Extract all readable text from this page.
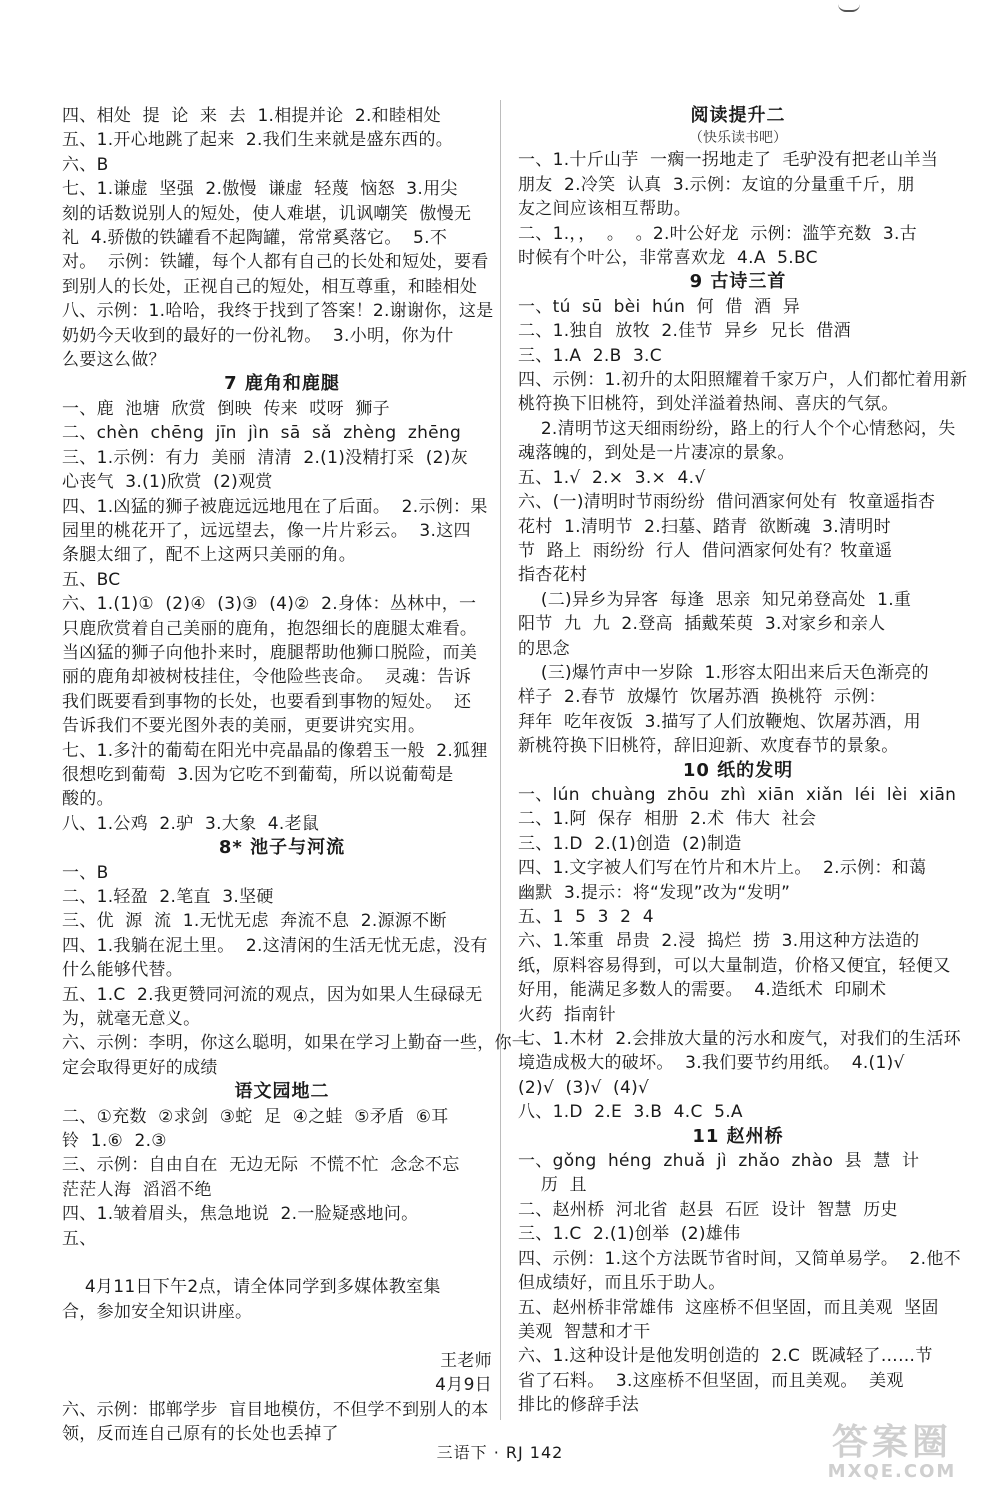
四、相处  提  论  来  去  1.相提并论  2.和睦相处
五、1.开心地跳了起来  2.我们生来就是盛东西的。
六、B
七、1.谦虚  坚强  2.傲慢  谦虚  轻蔑  恼怒  3.用尖
刻的话数说别人的短处，使人难堪，讥讽嘲笑  傲慢无
礼  4.骄傲的铁罐看不起陶罐，常常奚落它。  5.不
对。  示例：铁罐，每个人都有自己的长处和短处，要看
到别人的长处，正视自己的短处，相互尊重，和睦相处
八、示例：1.哈哈，我终于找到了答案！2.谢谢你，这是
奶奶今天收到的最好的一份礼物。  3.小明，你为什
么要这么做？
7 鹿角和鹿腿
一、鹿  池塘  欣赏  倒映  传来  哎呀  狮子
二、chèn  chēng  jīn  jìn  sā  sǎ  zhèng  zhēng
三、1.示例：有力  美丽  清清  2.(1)没精打采  (2)灰
心丧气  3.(1)欣赏  (2)观赏
四、1.凶猛的狮子被鹿远远地甩在了后面。  2.示例：果
园里的桃花开了，远远望去，像一片片彩云。  3.这四
条腿太细了，配不上这两只美丽的角。
五、BC
六、1.(1)①  (2)④  (3)③  (4)②  2.身体：丛林中，一
只鹿欣赏着自己美丽的鹿角，抱怨细长的鹿腿太难看。
当凶猛的狮子向他扑来时，鹿腿帮助他狮口脱险，而美
丽的鹿角却被树枝挂住，令他险些丧命。  灵魂：告诉
我们既要看到事物的长处，也要看到事物的短处。  还
告诉我们不要光图外表的美丽，更要讲究实用。
七、1.多汁的葡萄在阳光中亮晶晶的像碧玉一般  2.狐狸
很想吃到葡萄  3.因为它吃不到葡萄，所以说葡萄是
酸的。
八、1.公鸡  2.驴  3.大象  4.老鼠
8* 池子与河流
一、B
二、1.轻盈  2.笔直  3.坚硬
三、优  源  流  1.无忧无虑  奔流不息  2.源源不断
四、1.我躺在泥土里。  2.这清闲的生活无忧无虑，没有
什么能够代替。
五、1.C  2.我更赞同河流的观点，因为如果人生碌碌无
为，就毫无意义。
六、示例：李明，你这么聪明，如果在学习上勤奋一些，你一
定会取得更好的成绩
语文园地二
二、①充数  ②求剑  ③蛇  足  ④之蛙  ⑤矛盾  ⑥耳
铃  1.⑥  2.③
三、示例：自由自在  无边无际  不慌不忙  念念不忘
茫茫人海  滔滔不绝
四、1.皱着眉头，焦急地说  2.一脸疑惑地问。
五、
4月11日下午2点，请全体同学到多媒体教室集
合，参加安全知识讲座。
王老师
4月9日
六、示例：邯郸学步  盲目地模仿，不但学不到别人的本
领，反而连自己原有的长处也丢掉了
阅读提升二
（快乐读书吧）
一、1.十斤山芋  一瘸一拐地走了  毛驴没有把老山羊当
朋友  2.冷笑  认真  3.示例：友谊的分量重千斤，朋
友之间应该相互帮助。
二、1.，，  。  。2.叶公好龙  示例：滥竽充数  3.古
时候有个叶公，非常喜欢龙  4.A  5.BC
9 古诗三首
一、tú  sū  bèi  hún  何  借  酒  异
二、1.独自  放牧  2.佳节  异乡  兄长  借酒
三、1.A  2.B  3.C
四、示例：1.初升的太阳照耀着千家万户，人们都忙着用新
桃符换下旧桃符，到处洋溢着热闹、喜庆的气氛。
2.清明节这天细雨纷纷，路上的行人个个心情愁闷，失
魂落魄的，到处是一片凄凉的景象。
五、1.√  2.×  3.×  4.√
六、(一)清明时节雨纷纷  借问酒家何处有  牧童遥指杏
花村  1.清明节  2.扫墓、踏青  欲断魂  3.清明时
节  路上  雨纷纷  行人  借问酒家何处有？牧童遥
指杏花村
(二)异乡为异客  每逢  思亲  知兄弟登高处  1.重
阳节  九  九  2.登高  插戴茱萸  3.对家乡和亲人
的思念
(三)爆竹声中一岁除  1.形容太阳出来后天色渐亮的
样子  2.春节  放爆竹  饮屠苏酒  换桃符  示例：
拜年  吃年夜饭  3.描写了人们放鞭炮、饮屠苏酒，用
新桃符换下旧桃符，辞旧迎新、欢度春节的景象。
10 纸的发明
一、lún  chuàng  zhōu  zhì  xiān  xiǎn  léi  lèi  xiān
二、1.阿  保存  相册  2.术  伟大  社会
三、1.D  2.(1)创造  (2)制造
四、1.文字被人们写在竹片和木片上。  2.示例：和蔼
幽默  3.提示：将“发现”改为“发明”
五、1  5  3  2  4
六、1.笨重  昂贵  2.浸  捣烂  捞  3.用这种方法造的
纸，原料容易得到，可以大量制造，价格又便宜，轻便又
好用，能满足多数人的需要。  4.造纸术  印刷术
火药  指南针
七、1.木材  2.会排放大量的污水和废气，对我们的生活环
境造成极大的破坏。  3.我们要节约用纸。  4.(1)√
(2)√  (3)√  (4)√
八、1.D  2.E  3.B  4.C  5.A
11 赵州桥
一、gǒng  héng  zhuǎ  jì  zhǎo  zhào  县  慧  计
历  且
二、赵州桥  河北省  赵县  石匠  设计  智慧  历史
三、1.C  2.(1)创举  (2)雄伟
四、示例：1.这个方法既节省时间，又简单易学。  2.他不
但成绩好，而且乐于助人。
五、赵州桥非常雄伟  这座桥不但坚固，而且美观  坚固
美观  智慧和才干
六、1.这种设计是他发明创造的  2.C  既减轻了……节
省了石料。  3.这座桥不但坚固，而且美观。  美观
排比的修辞手法
三语下 · RJ 142	答案圈
MXQE.COM
